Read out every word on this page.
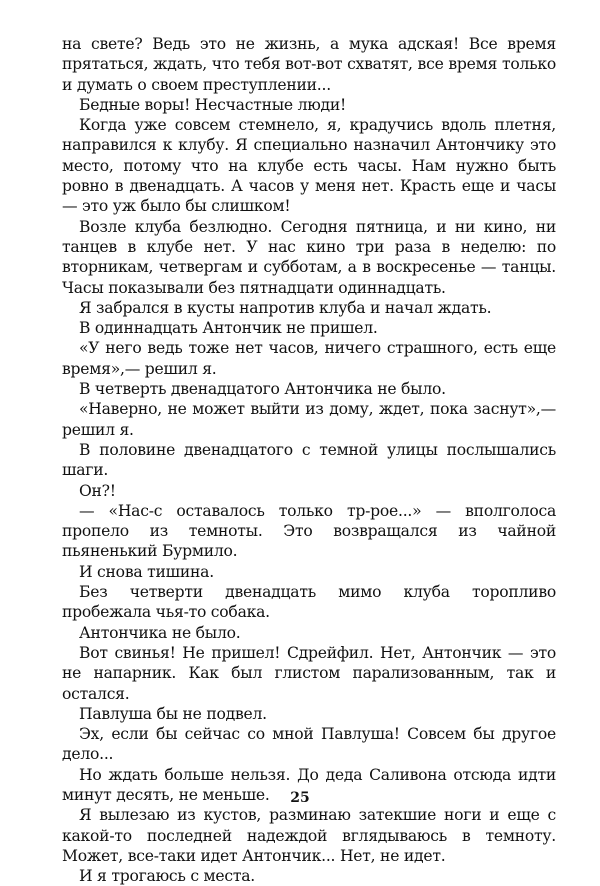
на свете? Ведь это не жизнь, а мука адская! Все время прятаться, ждать, что тебя вот-вот схватят, все время только и думать о своем преступлении...

Бедные воры! Несчастные люди!

Когда уже совсем стемнело, я, крадучись вдоль плетня, направился к клубу. Я специально назначил Антончику это место, потому что на клубе есть часы. Нам нужно быть ровно в двенадцать. А часов у меня нет. Красть еще и часы — это уж было бы слишком!

Возле клуба безлюдно. Сегодня пятница, и ни кино, ни танцев в клубе нет. У нас кино три раза в неделю: по вторникам, четвергам и субботам, а в воскресенье — танцы. Часы показывали без пятнадцати одиннадцать.

Я забрался в кусты напротив клуба и начал ждать.

В одиннадцать Антончик не пришел.

«У него ведь тоже нет часов, ничего страшного, есть еще время»,— решил я.

В четверть двенадцатого Антончика не было.

«Наверно, не может выйти из дому, ждет, пока заснут»,— решил я.

В половине двенадцатого с темной улицы послышались шаги.

Он?!

— «Нас-с оставалось только тр-рое...» — вполголоса пропело из темноты. Это возвращался из чайной пьяненький Бурмило.

И снова тишина.

Без четверти двенадцать мимо клуба торопливо пробежала чья-то собака.

Антончика не было.

Вот свинья! Не пришел! Сдрейфил. Нет, Антончик — это не напарник. Как был глистом парализованным, так и остался.

Павлуша бы не подвел.

Эх, если бы сейчас со мной Павлуша! Совсем бы другое дело...

Но ждать больше нельзя. До деда Саливона отсюда идти минут десять, не меньше.

Я вылезаю из кустов, разминаю затекшие ноги и еще с какой-то последней надеждой вглядываюсь в темноту. Может, все-таки идет Антончик... Нет, не идет.

И я трогаюсь с места.

25
